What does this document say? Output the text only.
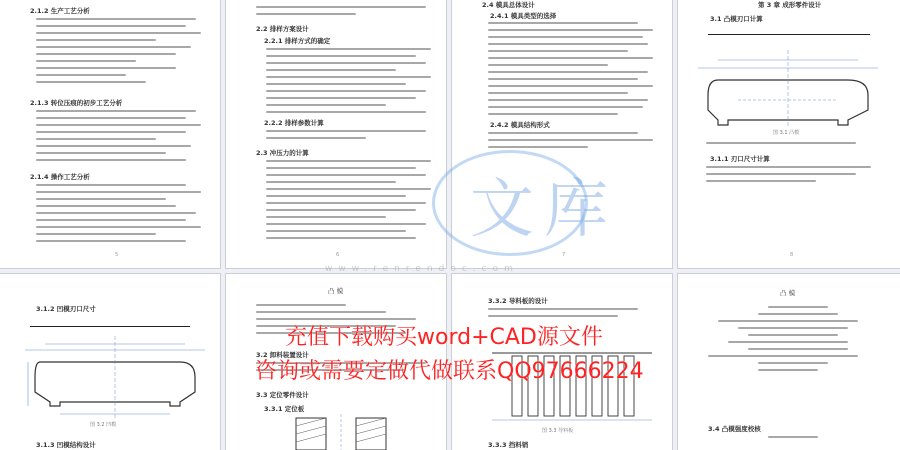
2.1.2 生产工艺分析
2.1.3 转位压痕的初步工艺分析
2.1.4 操作工艺分析
5
2.2 排样方案设计
2.2.1 排样方式的确定
2.2.2 排样参数计算
2.3 冲压力的计算
6
2.4 模具总体设计
2.4.1 模具类型的选择
2.4.2 模具结构形式
7
第 3 章 成形零件设计
3.1 凸模刃口计算
图 3.1 凸模
3.1.1 刃口尺寸计算
8
3.1.2 凹模刃口尺寸
图 3.2 凹模
3.1.3 凹模结构设计
凸 模
3.2 卸料装置设计
3.3 定位零件设计
3.3.1 定位板
3.3.2 导料板的设计
图 3.3 导料板
3.3.3 挡料销
凸 模
3.4 凸模强度校核
文库
www.renrendoc.com
充值下载购买word+CAD源文件
咨询或需要定做代做联系QQ97666224
